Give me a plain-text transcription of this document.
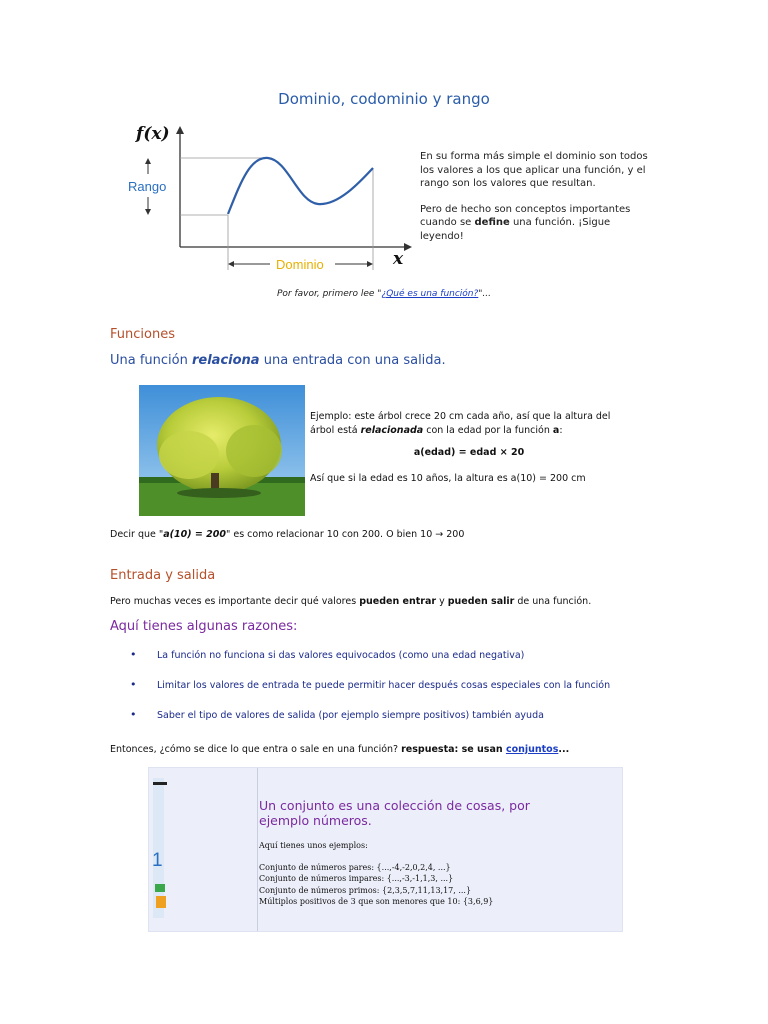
Dominio, codominio y rango
f(x)
Rango
Dominio	x

En su forma más simple el dominio son todos los valores a los que aplicar una función, y el rango son los valores que resultan.

Pero de hecho son conceptos importantes cuando se define una función. ¡Sigue leyendo!

Por favor, primero lee "¿Qué es una función?"...
Funciones
Una función relaciona una entrada con una salida.
Ejemplo: este árbol crece 20 cm cada año, así que la altura del árbol está relacionada con la edad por la función a:
a(edad) = edad × 20
Así que si la edad es 10 años, la altura es a(10) = 200 cm
Decir que "a(10) = 200" es como relacionar 10 con 200. O bien 10 → 200
Entrada y salida
Pero muchas veces es importante decir qué valores pueden entrar y pueden salir de una función.
Aquí tienes algunas razones:
• La función no funciona si das valores equivocados (como una edad negativa)
• Limitar los valores de entrada te puede permitir hacer después cosas especiales con la función
• Saber el tipo de valores de salida (por ejemplo siempre positivos) también ayuda
Entonces, ¿cómo se dice lo que entra o sale en una función? respuesta: se usan conjuntos...
1
Un conjunto es una colección de cosas, por ejemplo números.

Aquí tienes unos ejemplos:

Conjunto de números pares: {...,-4,-2,0,2,4, ...}

Conjunto de números impares: {...,-3,-1,1,3, ...}

Conjunto de números primos: {2,3,5,7,11,13,17, ...}

Múltiplos positivos de 3 que son menores que 10: {3,6,9}
